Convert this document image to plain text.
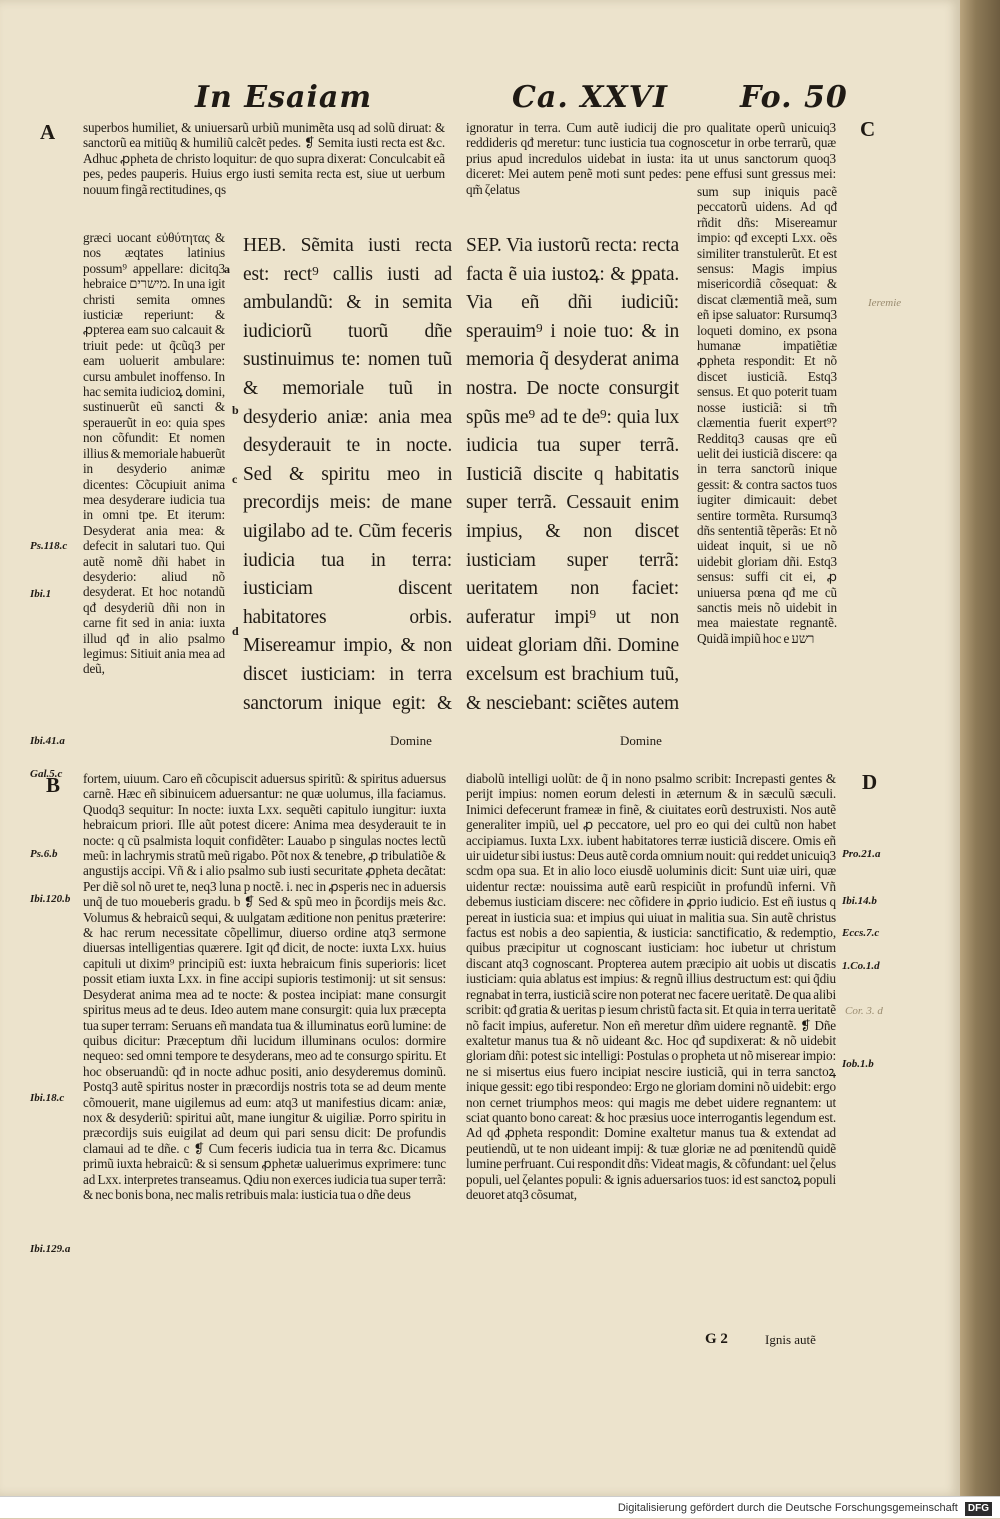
In Esaiam	Ca. XXVI Fo. 50
A
B
C
D
Ps.118.c
Ibi.1
Ibi.41.a
Gal.5.c
Ps.6.b
Ibi.120.b
Ibi.18.c
Ibi.129.a
Pro.21.a
Ibi.14.b
Eccs.7.c
1.Co.1.d
Iob.1.b
Ieremie
Cor. 3. d

superbos humiliet, & uniuersarũ urbiũ munimẽta usq ad solũ diruat: & sanctorũ ea mitiũq & humiliũ calcẽt pedes. ❡ Semita iusti recta est &c. Adhuc ꝓpheta de christo loquitur: de quo supra dixerat: Conculcabit eã pes, pedes pauperis. Huius ergo iusti semita recta est, siue ut uerbum nouum fingã rectitudines, qs

græci uocant εὐθύτητας & nos æqtates latinius possum⁹ appellare: dicitq3 hebraice מישרים. In una igit christi semita omnes iusticiæ reperiunt: & ꝓpterea eam suo calcauit & triuit pede: ut q̃cũq3 per eam uoluerit ambulare: cursu ambulet inoffenso. In hac semita iudicioꝝ domini, sustinuerũt eũ sancti & sperauerũt in eo: quia spes non cõfundit: Et nomen illius & memoriale habuerũt in desyderio animæ dicentes: Cõcupiuit anima mea desyderare iudicia tua in omni tpe. Et iterum: Desyderat ania mea: & defecit in salutari tuo. Qui autẽ nomẽ dñi habet in desyderio: aliud nõ desyderat. Et hoc notandũ qđ desyderiũ dñi non in carne fit sed in ania: iuxta illud qđ in alio psalmo legimus: Sitiuit ania mea ad deũ,

a
b
c
d

HEB. Sẽmita iusti recta est: rect⁹ callis iusti ad ambulandũ: & in semita iudiciorũ tuorũ dñe sustinuimus te: nomen tuũ & memoriale tuũ in desyderio aniæ: ania mea desyderauit te in nocte. Sed & spiritu meo in precordijs meis: de mane uigilabo ad te. Cũm feceris iudicia tua in terra: iusticiam discent habitatores orbis. Misereamur impio, & non discet iusticiam: in terra sanctorum inique egit: &

Domine

ignoratur in terra. Cum autẽ iudicij die pro qualitate operũ unicuiq3 reddideris qđ meretur: tunc iusticia tua cognoscetur in orbe terrarũ, quæ prius apud incredulos uidebat in iusta: ita ut unus sanctorum quoq3 diceret: Mei autem penẽ moti sunt pedes: pene effusi sunt gressus mei: qm̃ ζelatus

SEP. Via iustorũ recta: recta facta ẽ uia iustoꝝ: & ꝑpata. Via eñ dñi iudiciũ: sperauim⁹ i noie tuo: & in memoria q̃ desyderat anima nostra. De nocte consurgit spũs me⁹ ad te de⁹: quia lux iudicia tua super terrã. Iusticiã discite q habitatis super terrã. Cessauit enim impius, & non discet iusticiam super terrã: ueritatem non faciet: auferatur impi⁹ ut non uideat gloriam dñi. Domine excelsum est brachium tuũ, & nesciebant: sciẽtes autem

Domine

sum sup iniquis pacẽ peccatorũ uidens. Ad qđ rñdit dñs: Misereamur impio: qđ excepti Lxx. oẽs similiter transtulerũt. Et est sensus: Magis impius misericordiã cõsequat: & discat clæmentiã meã, sum eñ ipse saluator: Rursumq3 loqueti domino, ex psona humanæ impatiẽtiæ ꝓpheta respondit: Et nõ discet iusticiã. Estq3 sensus. Et quo poterit tuam nosse iusticiã: si tm̃ clæmentia fuerit expert⁹? Redditq3 causas qre eũ uelit dei iusticiã discere: qa in terra sanctorũ inique gessit: & contra sactos tuos iugiter dimicauit: debet sentire tormẽta. Rursumq3 dñs sententiã tẽperãs: Et nõ uideat inquit, si ue nõ uidebit gloriam dñi. Estq3 sensus: suffi cit ei, ꝓ uniuersa pœna qđ me cũ sanctis meis nõ uidebit in mea maiestate regnantẽ. Quidã impiũ hoc e רשע

fortem, uiuum. Caro eñ cõcupiscit aduersus spiritũ: & spiritus aduersus carnẽ. Hæc eñ sibinuicem aduersantur: ne quæ uolumus, illa faciamus. Quodq3 sequitur: In nocte: iuxta Lxx. sequẽti capitulo iungitur: iuxta hebraicum priori. Ille aũt potest dicere: Anima mea desyderauit te in nocte: q cũ psalmista loquit confidẽter: Lauabo p singulas noctes lectũ meũ: in lachrymis stratũ meũ rigabo. Põt nox & tenebre, ꝓ tribulatiõe & angustijs accipi. Vñ & i alio psalmo sub iusti securitate ꝓpheta decãtat: Per diẽ sol nõ uret te, neq3 luna p noctẽ. i. nec in ꝓsperis nec in aduersis unq̃ de tuo moueberis gradu. b ❡ Sed & spũ meo in p̃cordijs meis &c. Volumus & hebraicũ sequi, & uulgatam æditione non penitus præterire: & hac rerum necessitate cõpellimur, diuerso ordine atq3 sermone diuersas intelligentias quærere. Igit qđ dicit, de nocte: iuxta Lxx. huius capituli ut dixim⁹ principiũ est: iuxta hebraicum finis superioris: licet possit etiam iuxta Lxx. in fine accipi supioris testimonij: ut sit sensus: Desyderat anima mea ad te nocte: & postea incipiat: mane consurgit spiritus meus ad te deus. Ideo autem mane consurgit: quia lux præcepta tua super terram: Seruans eñ mandata tua & illuminatus eorũ lumine: de quibus dicitur: Præceptum dñi lucidum illuminans oculos: dormire nequeo: sed omni tempore te desyderans, meo ad te consurgo spiritu. Et hoc obseruandũ: qđ in nocte adhuc positi, anio desyderemus dominũ. Postq3 autẽ spiritus noster in præcordijs nostris tota se ad deum mente cõmouerit, mane uigilemus ad eum: atq3 ut manifestius dicam: aniæ, nox & desyderiũ: spiritui aũt, mane iungitur & uigiliæ. Porro spiritu in præcordijs suis euigilat ad deum qui pari sensu dicit: De profundis clamaui ad te dñe. c ❡ Cum feceris iudicia tua in terra &c. Dicamus primũ iuxta hebraicũ: & si sensum ꝓphetæ ualuerimus exprimere: tunc ad Lxx. interpretes transeamus. Qdiu non exerces iudicia tua super terrã: & nec bonis bona, nec malis retribuis mala: iusticia tua o dñe deus

diabolũ intelligi uolũt: de q̃ in nono psalmo scribit: Increpasti gentes & perijt impius: nomen eorum delesti in æternum & in sæculũ sæculi. Inimici defecerunt frameæ in finẽ, & ciuitates eorũ destruxisti. Nos autẽ generaliter impiũ, uel ꝓ peccatore, uel pro eo qui dei cultũ non habet accipiamus. Iuxta Lxx. iubent habitatores terræ iusticiã discere. Omis eñ uir uidetur sibi iustus: Deus autẽ corda omnium nouit: qui reddet unicuiq3 scdm opa sua. Et in alio loco eiusdẽ uoluminis dicit: Sunt uiæ uiri, quæ uidentur rectæ: nouissima autẽ earũ respiciũt in profundũ inferni. Vñ debemus iusticiam discere: nec cõfidere in ꝓprio iudicio. Est eñ iustus q pereat in iusticia sua: et impius qui uiuat in malitia sua. Sin autẽ christus factus est nobis a deo sapientia, & iusticia: sanctificatio, & redemptio, quibus præcipitur ut cognoscant iusticiam: hoc iubetur ut christum discant atq3 cognoscant. Propterea autem præcipio ait uobis ut discatis iusticiam: quia ablatus est impius: & regnũ illius destructum est: qui q̃diu regnabat in terra, iusticiã scire non poterat nec facere ueritatẽ. De qua alibi scribit: qđ gratia & ueritas p iesum christũ facta sit. Et quia in terra ueritatẽ nõ facit impius, auferetur. Non eñ meretur dñm uidere regnantẽ. ❡ Dñe exaltetur manus tua & nõ uideant &c. Hoc qđ supdixerat: & nõ uidebit gloriam dñi: potest sic intelligi: Postulas o propheta ut nõ miserear impio: ne si misertus eius fuero incipiat nescire iusticiã, qui in terra sanctoꝝ inique gessit: ego tibi respondeo: Ergo ne gloriam domini nõ uidebit: ergo non cernet triumphos meos: qui magis me debet uidere regnantem: ut sciat quanto bono careat: & hoc præsius uoce interrogantis legendum est. Ad qđ ꝓpheta respondit: Domine exaltetur manus tua & extendat ad peutiendũ, ut te non uideant impij: & tuæ gloriæ ne ad pœnitendũ quidẽ lumine perfruant. Cui respondit dñs: Videat magis, & cõfundant: uel ζelus populi, uel ζelantes populi: & ignis aduersarios tuos: id est sanctoꝝ populi deuoret atq3 cõsumat,

G 2	Ignis autẽ
Digitalisierung gefördert durch die Deutsche Forschungsgemeinschaft DFG
